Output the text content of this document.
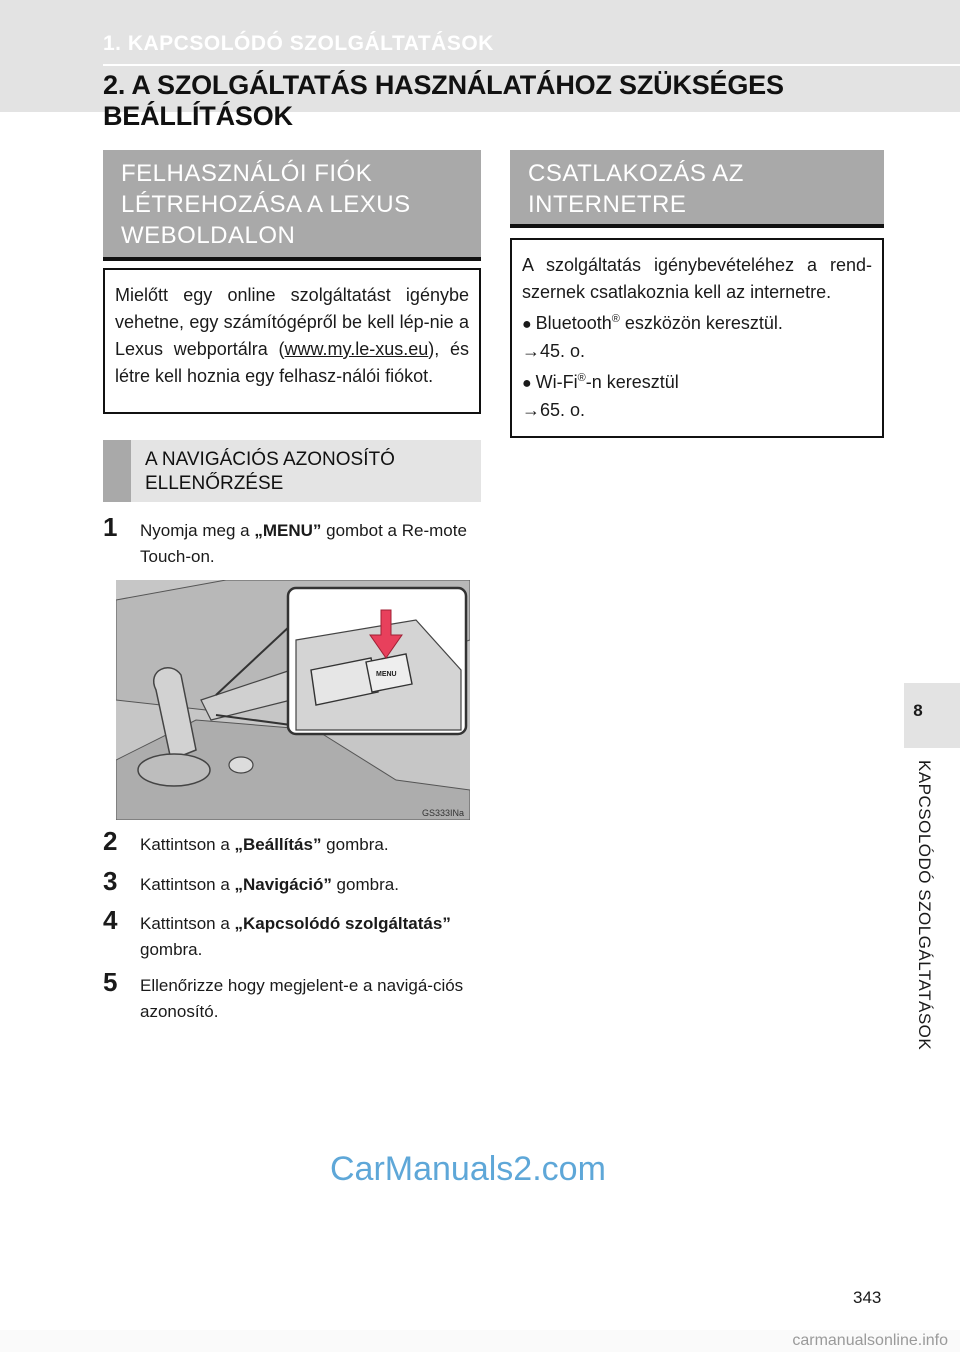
1. KAPCSOLÓDÓ SZOLGÁLTATÁSOK
2. A SZOLGÁLTATÁS HASZNÁLATÁHOZ SZÜKSÉGES BEÁLLÍTÁSOK
FELHASZNÁLÓI FIÓK LÉTREHOZÁSA A LEXUS WEBOLDALON

Mielőtt egy online szolgáltatást igénybe vehetne, egy számítógépről be kell lép-nie a Lexus webportálra (www.my.le-xus.eu), és létre kell hoznia egy felhasz-nálói fiókot.

A NAVIGÁCIÓS AZONOSÍTÓ ELLENŐRZÉSE
1 Nyomja meg a „MENU” gombot a Re-mote Touch-on.
MENU
GS333INa
2 Kattintson a „Beállítás” gombra.
3 Kattintson a „Navigáció” gombra.
4 Kattintson a „Kapcsolódó szolgáltatás” gombra.
5 Ellenőrizze hogy megjelent-e a navigá-ciós azonosító.
CSATLAKOZÁS AZ INTERNETRE

A szolgáltatás igénybevételéhez a rend-szernek csatlakoznia kell az internetre.

● Bluetooth® eszközön keresztül.

→45. o.

● Wi-Fi®-n keresztül

→65. o.

8
KAPCSOLÓDÓ SZOLGÁLTATÁSOK
CarManuals2.com
343
carmanualsonline.info
